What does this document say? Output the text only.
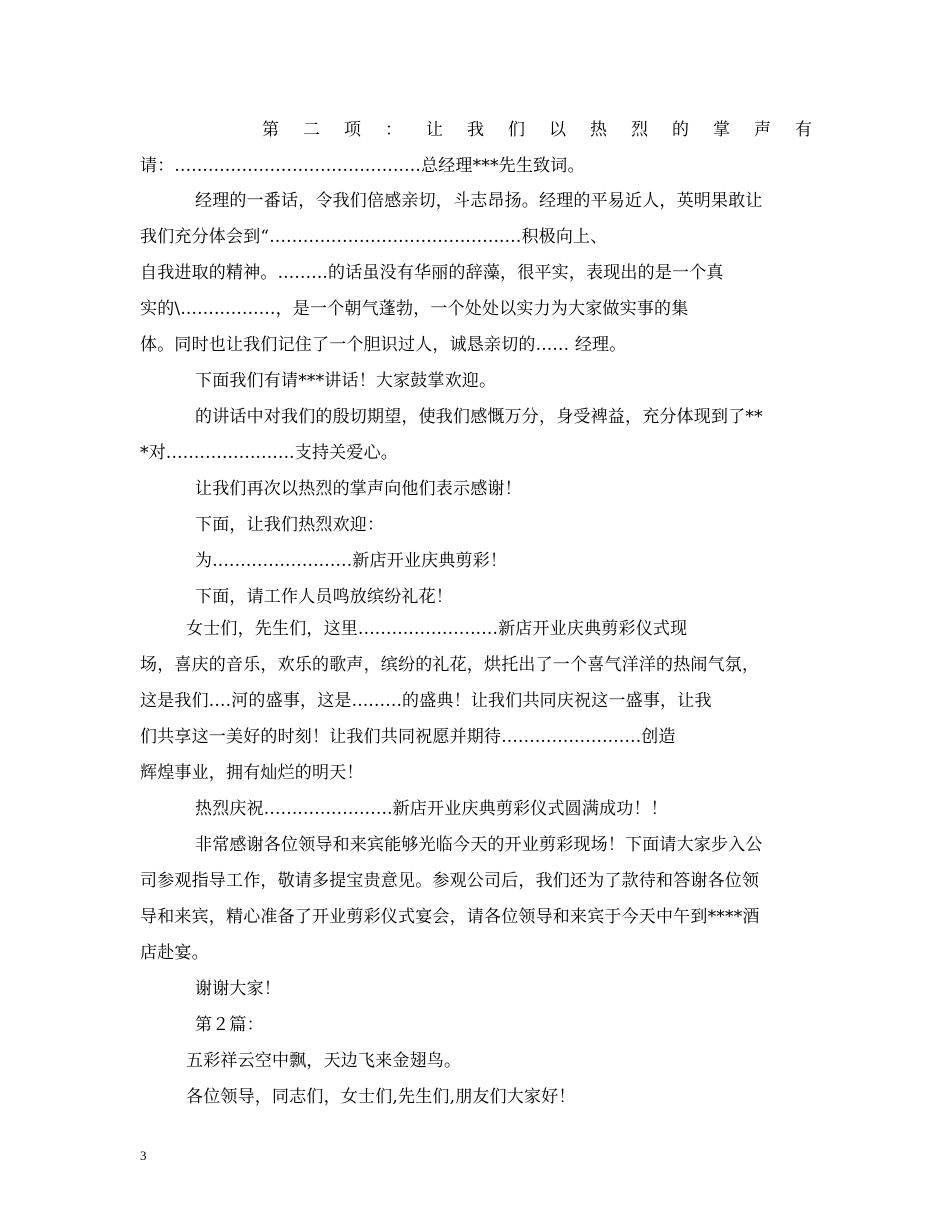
第 二 项 ： 让 我 们 以 热 烈 的 掌 声 有
请：............................................总经理***先生致词。
经理的一番话，令我们倍感亲切，斗志昂扬。经理的平易近人，英明果敢让
我们充分体会到“.............................................积极向上、
自我进取的精神。.........的话虽没有华丽的辞藻，很平实，表现出的是一个真
实的\.................，是一个朝气蓬勃，一个处处以实力为大家做实事的集
体。同时也让我们记住了一个胆识过人，诚恳亲切的...... 经理。
下面我们有请***讲话！大家鼓掌欢迎。
的讲话中对我们的殷切期望，使我们感慨万分，身受裨益，充分体现到了**
*对.......................支持关爱心。
让我们再次以热烈的掌声向他们表示感谢！
下面，让我们热烈欢迎：
为.........................新店开业庆典剪彩！
下面，请工作人员鸣放缤纷礼花！
女士们，先生们，这里.........................新店开业庆典剪彩仪式现
场，喜庆的音乐，欢乐的歌声，缤纷的礼花，烘托出了一个喜气洋洋的热闹气氛，
这是我们....河的盛事，这是.........的盛典！让我们共同庆祝这一盛事，让我
们共享这一美好的时刻！让我们共同祝愿并期待.........................创造
辉煌事业，拥有灿烂的明天！
热烈庆祝.......................新店开业庆典剪彩仪式圆满成功！！
非常感谢各位领导和来宾能够光临今天的开业剪彩现场！下面请大家步入公
司参观指导工作，敬请多提宝贵意见。参观公司后，我们还为了款待和答谢各位领
导和来宾，精心准备了开业剪彩仪式宴会，请各位领导和来宾于今天中午到****酒
店赴宴。
谢谢大家！
第２篇：
五彩祥云空中飘，天边飞来金翅鸟。
各位领导，同志们，女士们,先生们,朋友们大家好！
3
